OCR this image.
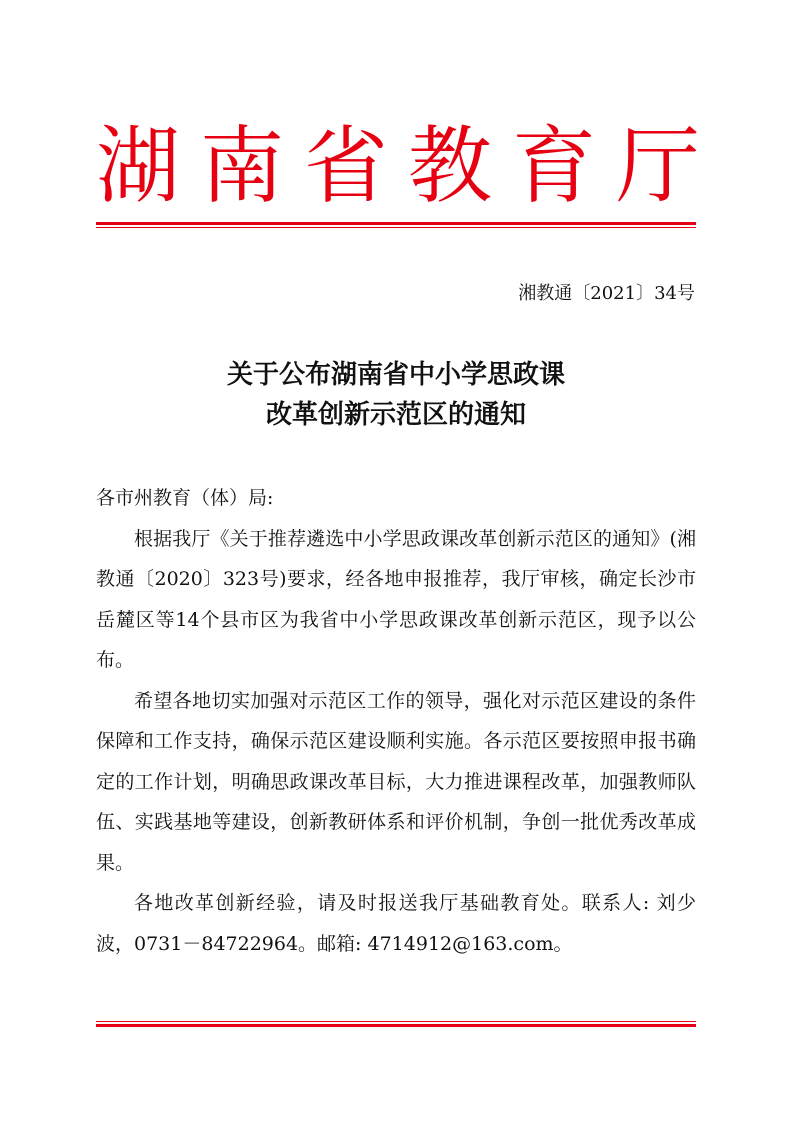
湖南省教育厅
湘教通〔2021〕34号
关于公布湖南省中小学思政课
改革创新示范区的通知

各市州教育（体）局:

根据我厅《关于推荐遴选中小学思政课改革创新示范区的通知》(湘教通〔2020〕323号)要求，经各地申报推荐，我厅审核，确定长沙市岳麓区等14个县市区为我省中小学思政课改革创新示范区，现予以公布。

希望各地切实加强对示范区工作的领导，强化对示范区建设的条件保障和工作支持，确保示范区建设顺利实施。各示范区要按照申报书确定的工作计划，明确思政课改革目标，大力推进课程改革，加强教师队伍、实践基地等建设，创新教研体系和评价机制，争创一批优秀改革成果。

各地改革创新经验，请及时报送我厅基础教育处。联系人: 刘少波，0731－84722964。邮箱: 4714912@163.com。
